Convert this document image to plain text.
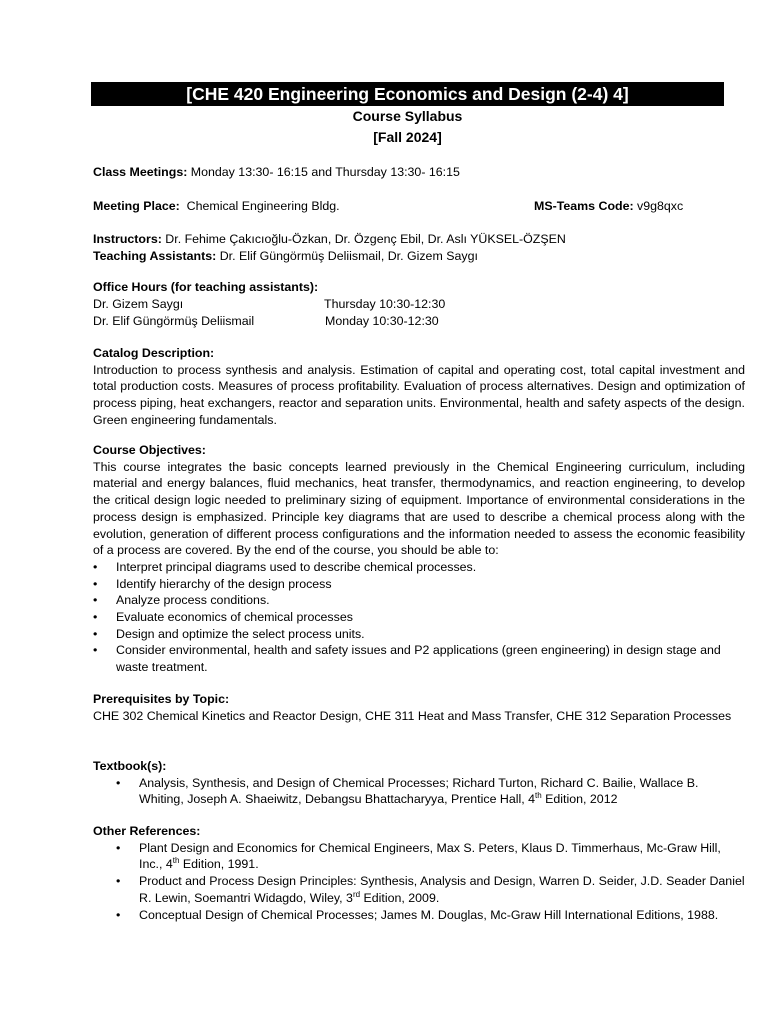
[CHE 420 Engineering Economics and Design (2-4) 4]
Course Syllabus
[Fall 2024]
Class Meetings: Monday 13:30- 16:15 and Thursday 13:30- 16:15
Meeting Place: Chemical Engineering Bldg.	MS-Teams Code: v9g8qxc
Instructors: Dr. Fehime Çakıcıoğlu-Özkan, Dr. Özgenç Ebil, Dr. Aslı YÜKSEL-ÖZŞEN
Teaching Assistants: Dr. Elif Güngörmüş Deliismail, Dr. Gizem Saygı
Office Hours (for teaching assistants):
Dr. Gizem Saygı	Thursday 10:30-12:30
Dr. Elif Güngörmüş Deliismail	Monday 10:30-12:30
Catalog Description:
Introduction to process synthesis and analysis. Estimation of capital and operating cost, total capital investment and total production costs. Measures of process profitability. Evaluation of process alternatives. Design and optimization of process piping, heat exchangers, reactor and separation units. Environmental, health and safety aspects of the design. Green engineering fundamentals.
Course Objectives:
This course integrates the basic concepts learned previously in the Chemical Engineering curriculum, including material and energy balances, fluid mechanics, heat transfer, thermodynamics, and reaction engineering, to develop the critical design logic needed to preliminary sizing of equipment. Importance of environmental considerations in the process design is emphasized. Principle key diagrams that are used to describe a chemical process along with the evolution, generation of different process configurations and the information needed to assess the economic feasibility of a process are covered. By the end of the course, you should be able to:
• Interpret principal diagrams used to describe chemical processes.
• Identify hierarchy of the design process
• Analyze process conditions.
• Evaluate economics of chemical processes
• Design and optimize the select process units.
• Consider environmental, health and safety issues and P2 applications (green engineering) in design stage and waste treatment.
Prerequisites by Topic:
CHE 302 Chemical Kinetics and Reactor Design, CHE 311 Heat and Mass Transfer, CHE 312 Separation Processes
Textbook(s):
• Analysis, Synthesis, and Design of Chemical Processes; Richard Turton, Richard C. Bailie, Wallace B. Whiting, Joseph A. Shaeiwitz, Debangsu Bhattacharyya, Prentice Hall, 4th Edition, 2012
Other References:
• Plant Design and Economics for Chemical Engineers, Max S. Peters, Klaus D. Timmerhaus, Mc-Graw Hill, Inc., 4th Edition, 1991.
• Product and Process Design Principles: Synthesis, Analysis and Design, Warren D. Seider, J.D. Seader Daniel R. Lewin, Soemantri Widagdo, Wiley, 3rd Edition, 2009.
• Conceptual Design of Chemical Processes; James M. Douglas, Mc-Graw Hill International Editions, 1988.
